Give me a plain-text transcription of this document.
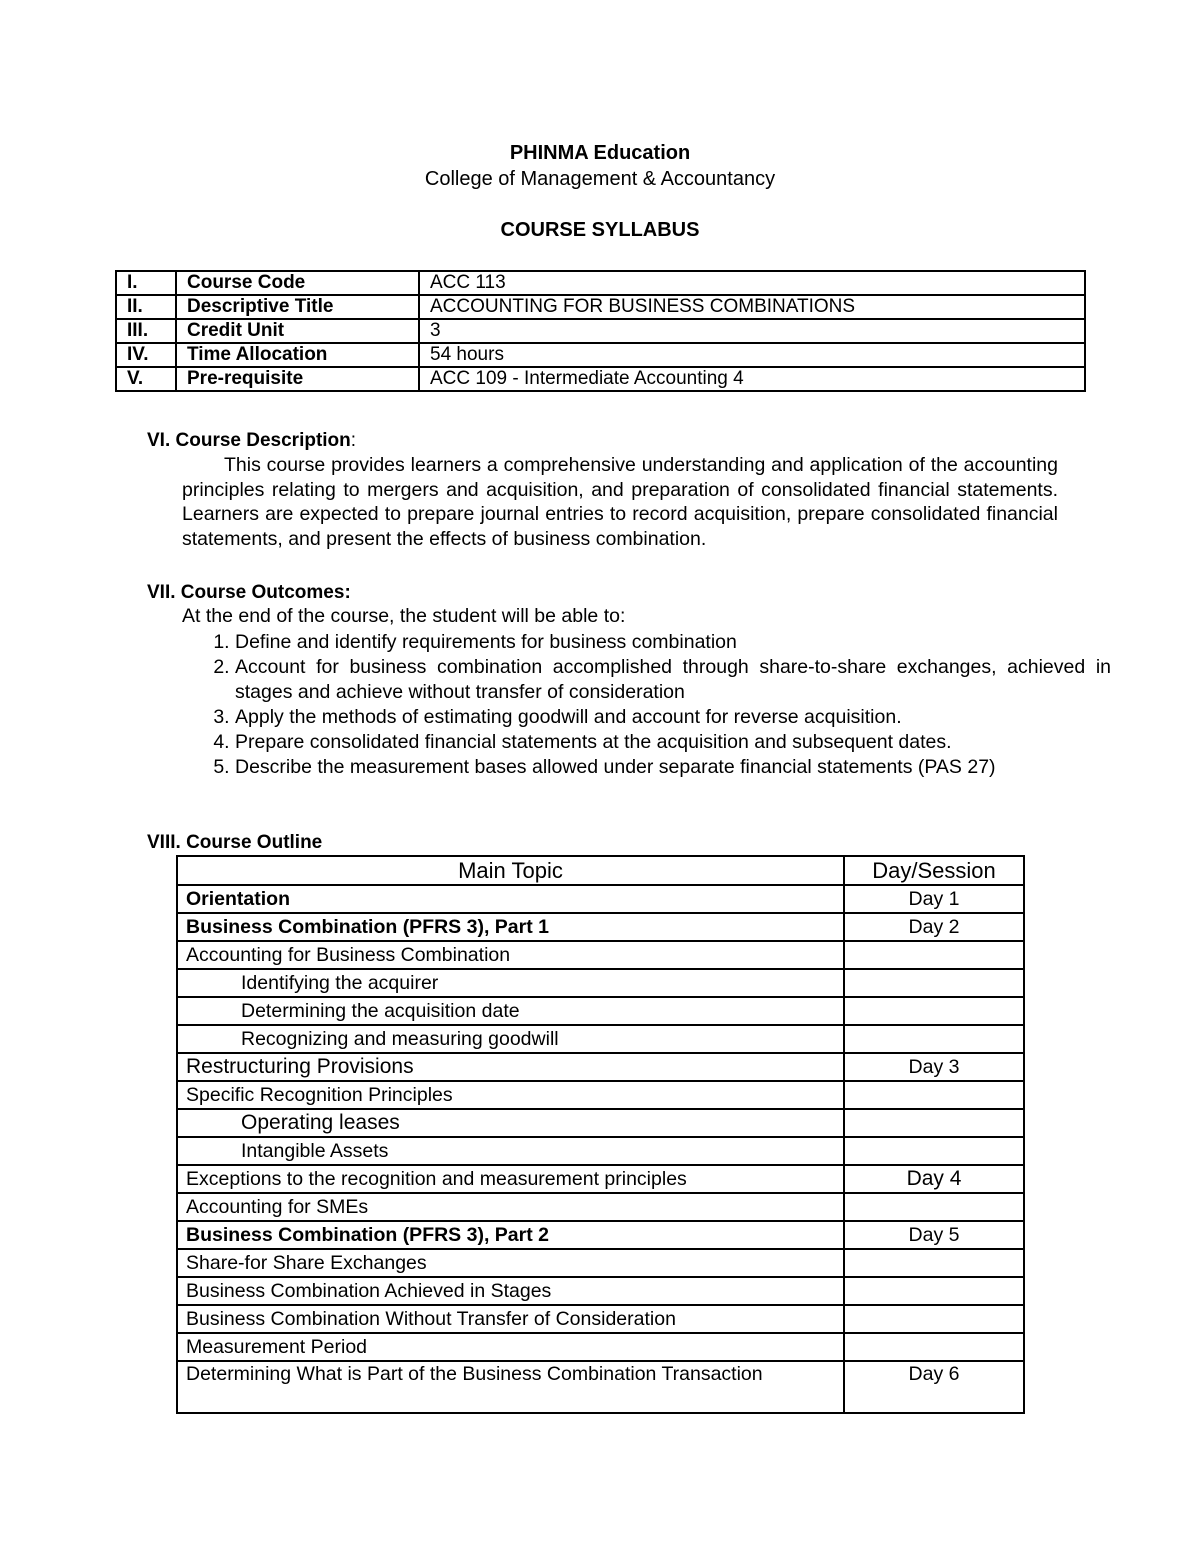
PHINMA Education
College of Management & Accountancy
COURSE SYLLABUS
I.	Course Code	ACC 113
II.	Descriptive Title	ACCOUNTING FOR BUSINESS COMBINATIONS
III.	Credit Unit	3
IV.	Time Allocation	54 hours
V.	Pre-requisite	ACC 109 - Intermediate Accounting 4
VI. Course Description:

This course provides learners a comprehensive understanding and application of the accounting principles relating to mergers and acquisition, and preparation of consolidated financial statements. Learners are expected to prepare journal entries to record acquisition, prepare consolidated financial statements, and present the effects of business combination.

VII. Course Outcomes:
At the end of the course, the student will be able to:
1. Define and identify requirements for business combination
2. Account for business combination accomplished through share-to-share exchanges, achieved in stages and achieve without transfer of consideration
3. Apply the methods of estimating goodwill and account for reverse acquisition.
4. Prepare consolidated financial statements at the acquisition and subsequent dates.
5. Describe the measurement bases allowed under separate financial statements (PAS 27)
VIII. Course Outline
Main Topic	Day/Session
Orientation	Day 1
Business Combination (PFRS 3), Part 1	Day 2
Accounting for Business Combination	
Identifying the acquirer	
Determining the acquisition date	
Recognizing and measuring goodwill	
Restructuring Provisions	Day 3
Specific Recognition Principles	
Operating leases	
Intangible Assets	
Exceptions to the recognition and measurement principles	Day 4
Accounting for SMEs	
Business Combination (PFRS 3), Part 2	Day 5
Share-for Share Exchanges	
Business Combination Achieved in Stages	
Business Combination Without Transfer of Consideration	
Measurement Period	
Determining What is Part of the Business Combination Transaction	Day 6
